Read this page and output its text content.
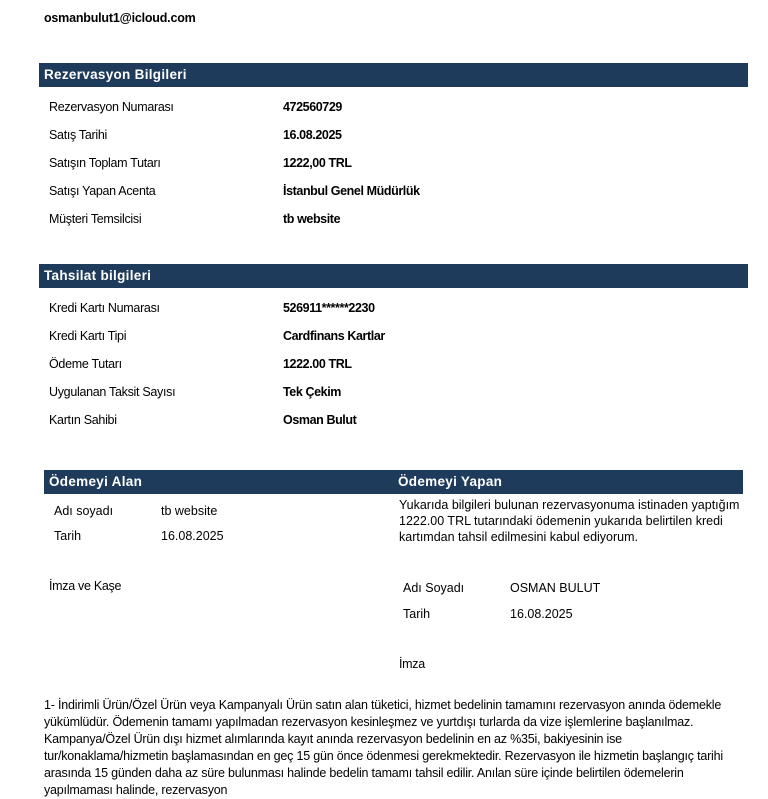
osmanbulut1@icloud.com
Rezervasyon Bilgileri
Rezervasyon Numarası	472560729
Satış Tarihi	16.08.2025
Satışın Toplam Tutarı	1222,00 TRL
Satışı Yapan Acenta	İstanbul Genel Müdürlük
Müşteri Temsilcisi	tb website
Tahsilat bilgileri
Kredi Kartı Numarası	526911******2230
Kredi Kartı Tipi	Cardfinans Kartlar
Ödeme Tutarı	1222.00 TRL
Uygulanan Taksit Sayısı	Tek Çekim
Kartın Sahibi	Osman Bulut
Ödemeyi Alan	Ödemeyi Yapan
Adı soyadı	tb website
Tarih	16.08.2025
İmza ve Kaşe
Yukarıda bilgileri bulunan rezervasyonuma istinaden yaptığım 1222.00 TRL tutarındaki ödemenin yukarıda belirtilen kredi kartımdan tahsil edilmesini kabul ediyorum.
Adı Soyadı	OSMAN BULUT
Tarih	16.08.2025
İmza
1- İndirimli Ürün/Özel Ürün veya Kampanyalı Ürün satın alan tüketici, hizmet bedelinin tamamını rezervasyon anında ödemekle yükümlüdür. Ödemenin tamamı yapılmadan rezervasyon kesinleşmez ve yurtdışı turlarda da vize işlemlerine başlanılmaz. Kampanya/Özel Ürün dışı hizmet alımlarında kayıt anında rezervasyon bedelinin en az %35i, bakiyesinin ise tur/konaklama/hizmetin başlamasından en geç 15 gün önce ödenmesi gerekmektedir. Rezervasyon ile hizmetin başlangıç tarihi arasında 15 günden daha az süre bulunması halinde bedelin tamamı tahsil edilir. Anılan süre içinde belirtilen ödemelerin yapılmaması halinde, rezervasyon
